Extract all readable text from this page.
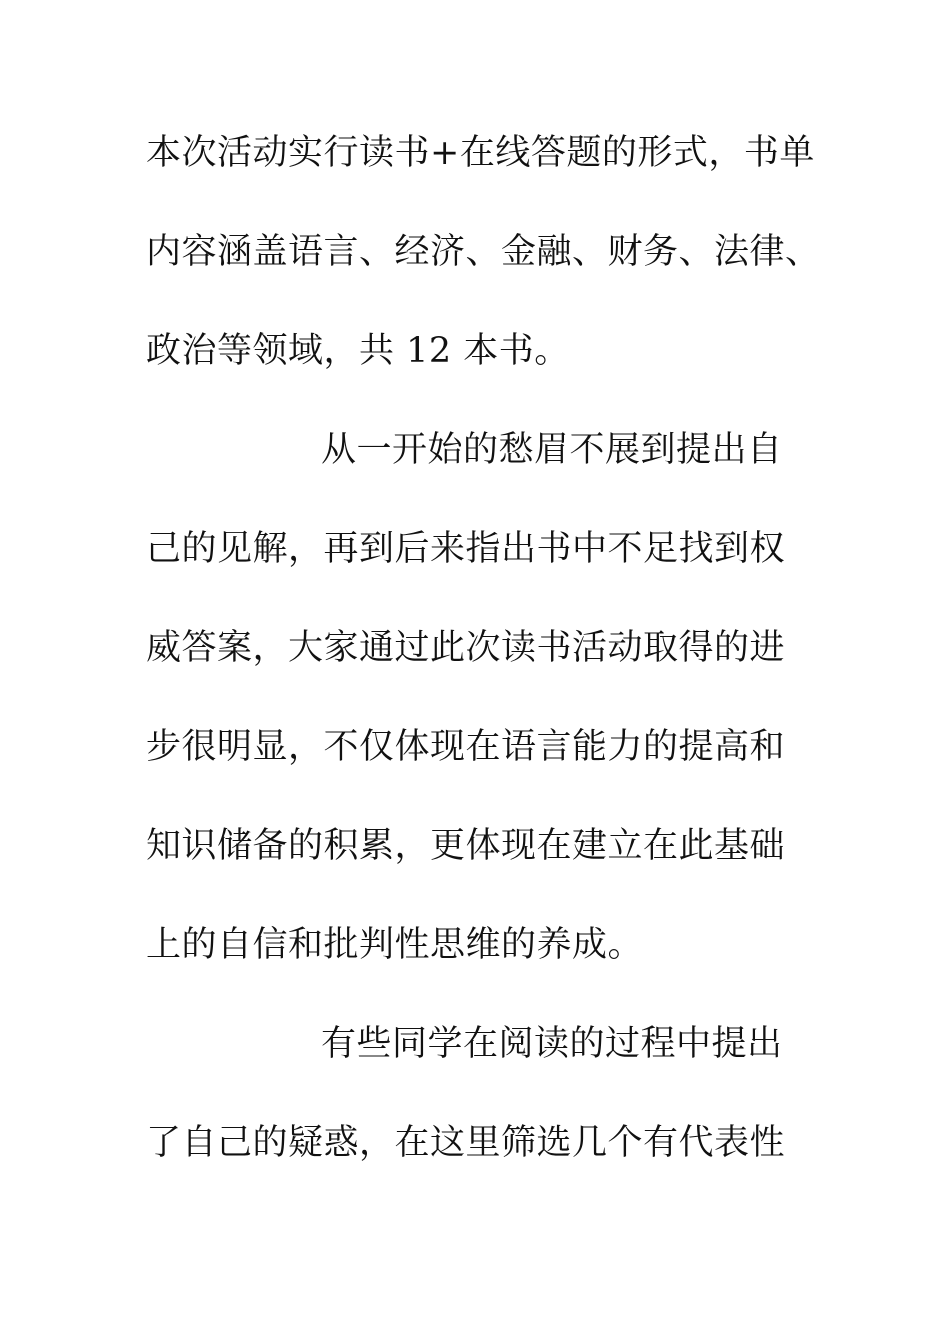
本次活动实行读书+在线答题的形式，书单
内容涵盖语言、经济、金融、财务、法律、
政治等领域，共 12 本书。
从一开始的愁眉不展到提出自
己的见解，再到后来指出书中不足找到权
威答案，大家通过此次读书活动取得的进
步很明显，不仅体现在语言能力的提高和
知识储备的积累，更体现在建立在此基础
上的自信和批判性思维的养成。
有些同学在阅读的过程中提出
了自己的疑惑，在这里筛选几个有代表性
